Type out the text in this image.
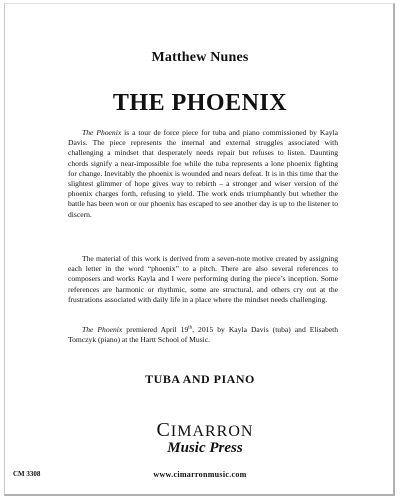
Matthew Nunes
THE PHOENIX

The Phoenix is a tour de force piece for tuba and piano commissioned by Kayla Davis. The piece represents the internal and external struggles associated with challenging a mindset that desperately needs repair but refuses to listen. Daunting chords signify a near-impossible foe while the tuba represents a lone phoenix fighting for change. Inevitably the phoenix is wounded and nears defeat. It is in this time that the slightest glimmer of hope gives way to rebirth – a stronger and wiser version of the phoenix charges forth, refusing to yield. The work ends triumphantly but whether the battle has been won or our phoenix has escaped to see another day is up to the listener to discern.

The material of this work is derived from a seven-note motive created by assigning each letter in the word “phoenix” to a pitch. There are also several references to composers and works Kayla and I were performing during the piece’s inception. Some references are harmonic or rhythmic, some are structural, and others cry out at the frustrations associated with daily life in a place where the mindset needs challenging.

The Phoenix premiered April 19th, 2015 by Kayla Davis (tuba) and Elisabeth Tomczyk (piano) at the Hartt School of Music.

TUBA AND PIANO
CIMARRON
Music Press
www.cimarronmusic.com
CM 3308
